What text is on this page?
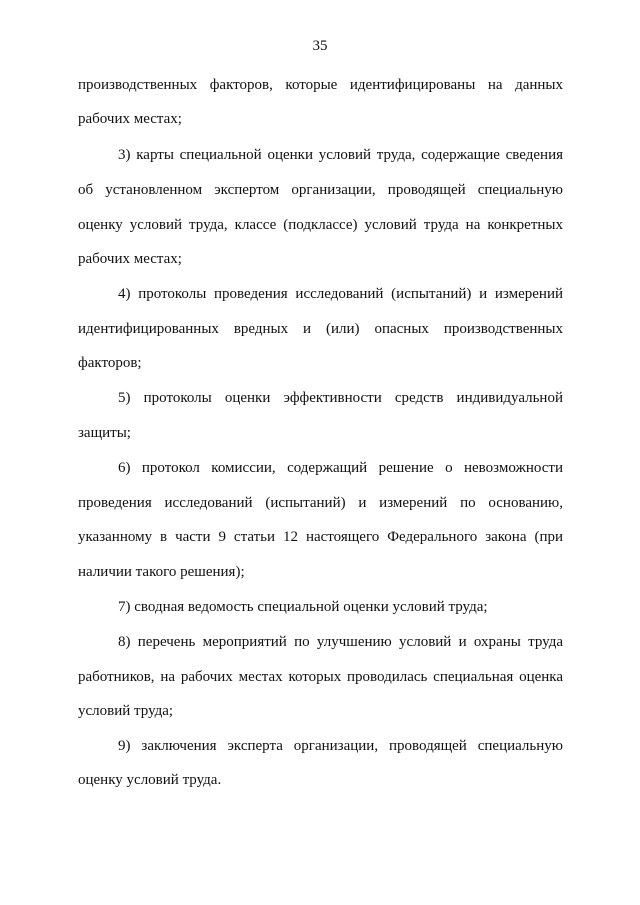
35
производственных факторов, которые идентифицированы на данных
рабочих местах;
3) карты специальной оценки условий труда, содержащие сведения
об установленном экспертом организации, проводящей специальную
оценку условий труда, классе (подклассе) условий труда на конкретных
рабочих местах;
4) протоколы проведения исследований (испытаний) и измерений
идентифицированных вредных и (или) опасных производственных
факторов;
5) протоколы оценки эффективности средств индивидуальной
защиты;
6) протокол комиссии, содержащий решение о невозможности
проведения исследований (испытаний) и измерений по основанию,
указанному в части 9 статьи 12 настоящего Федерального закона (при
наличии такого решения);
7) сводная ведомость специальной оценки условий труда;
8) перечень мероприятий по улучшению условий и охраны труда
работников, на рабочих местах которых проводилась специальная оценка
условий труда;
9) заключения эксперта организации, проводящей специальную
оценку условий труда.
